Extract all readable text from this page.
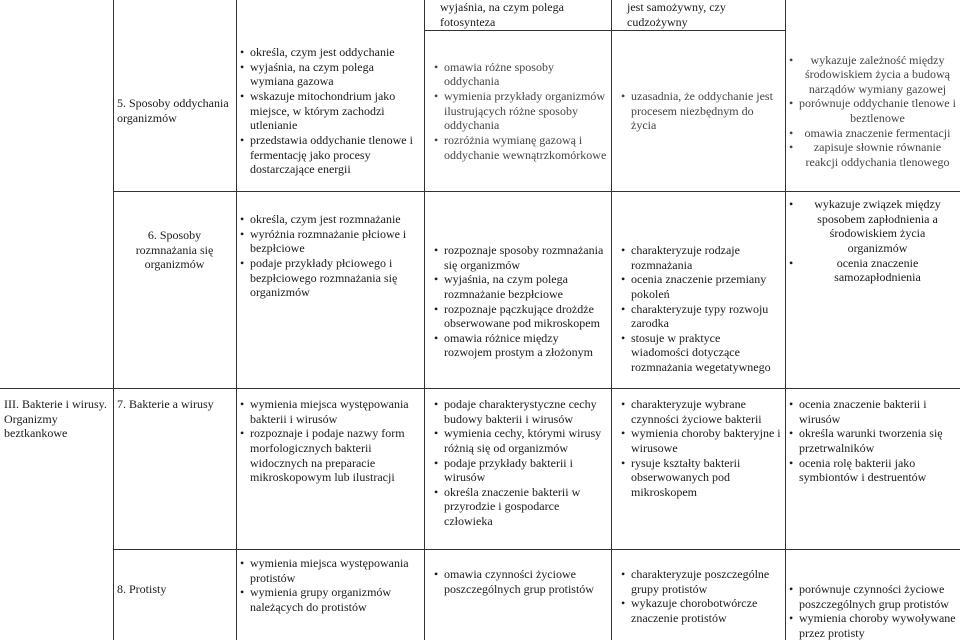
wyjaśnia, na czym polega
fotosynteza
jest samożywny, czy
cudzożywny
5. Sposoby oddychania organizmów
• określa, czym jest oddychanie
• wyjaśnia, na czym polega wymiana gazowa
• wskazuje mitochondrium jako miejsce, w którym zachodzi utlenianie
• przedstawia oddychanie tlenowe i fermentację jako procesy dostarczające energii
• omawia różne sposoby oddychania
• wymienia przykłady organizmów ilustrujących różne sposoby oddychania
• rozróżnia wymianę gazową i oddychanie wewnątrzkomórkowe
• uzasadnia, że oddychanie jest procesem niezbędnym do życia
• wykazuje zależność między środowiskiem życia a budową narządów wymiany gazowej
• porównuje oddychanie tlenowe i beztlenowe
• omawia znaczenie fermentacji
• zapisuje słownie równanie reakcji oddychania tlenowego
6. Sposoby rozmnażania się organizmów
• określa, czym jest rozmnażanie
• wyróżnia rozmnażanie płciowe i bezpłciowe
• podaje przykłady płciowego i bezpłciowego rozmnażania się organizmów
• rozpoznaje sposoby rozmnażania się organizmów
• wyjaśnia, na czym polega rozmnażanie bezpłciowe
• rozpoznaje pączkujące drożdże obserwowane pod mikroskopem
• omawia różnice między rozwojem prostym a złożonym
• charakteryzuje rodzaje rozmnażania
• ocenia znaczenie przemiany pokoleń
• charakteryzuje typy rozwoju zarodka
• stosuje w praktyce wiadomości dotyczące rozmnażania wegetatywnego
• wykazuje związek między sposobem zapłodnienia a środowiskiem życia organizmów
• ocenia znaczenie samozapłodnienia
III. Bakterie i wirusy. Organizmy beztkankowe
7. Bakterie a wirusy
•	wymienia miejsca występowania bakterii i wirusów
• rozpoznaje i podaje nazwy form morfologicznych bakterii widocznych na preparacie mikroskopowym lub ilustracji
• podaje charakterystyczne cechy budowy bakterii i wirusów
• wymienia cechy, którymi wirusy różnią się od organizmów
• podaje przykłady bakterii i wirusów
• określa znaczenie bakterii w przyrodzie i gospodarce człowieka
• charakteryzuje wybrane czynności życiowe bakterii
• wymienia choroby bakteryjne i wirusowe
• rysuje kształty bakterii obserwowanych pod mikroskopem
• ocenia znaczenie bakterii i wirusów
• określa warunki tworzenia się przetrwalników
• ocenia rolę bakterii jako symbiontów i destruentów
8. Protisty
• wymienia miejsca występowania protistów
• wymienia grupy organizmów należących do protistów
• omawia czynności życiowe poszczególnych grup protistów
• charakteryzuje poszczególne grupy protistów
• wykazuje chorobotwórcze znaczenie protistów
• porównuje czynności życiowe poszczególnych grup protistów
• wymienia choroby wywoływane przez protisty
